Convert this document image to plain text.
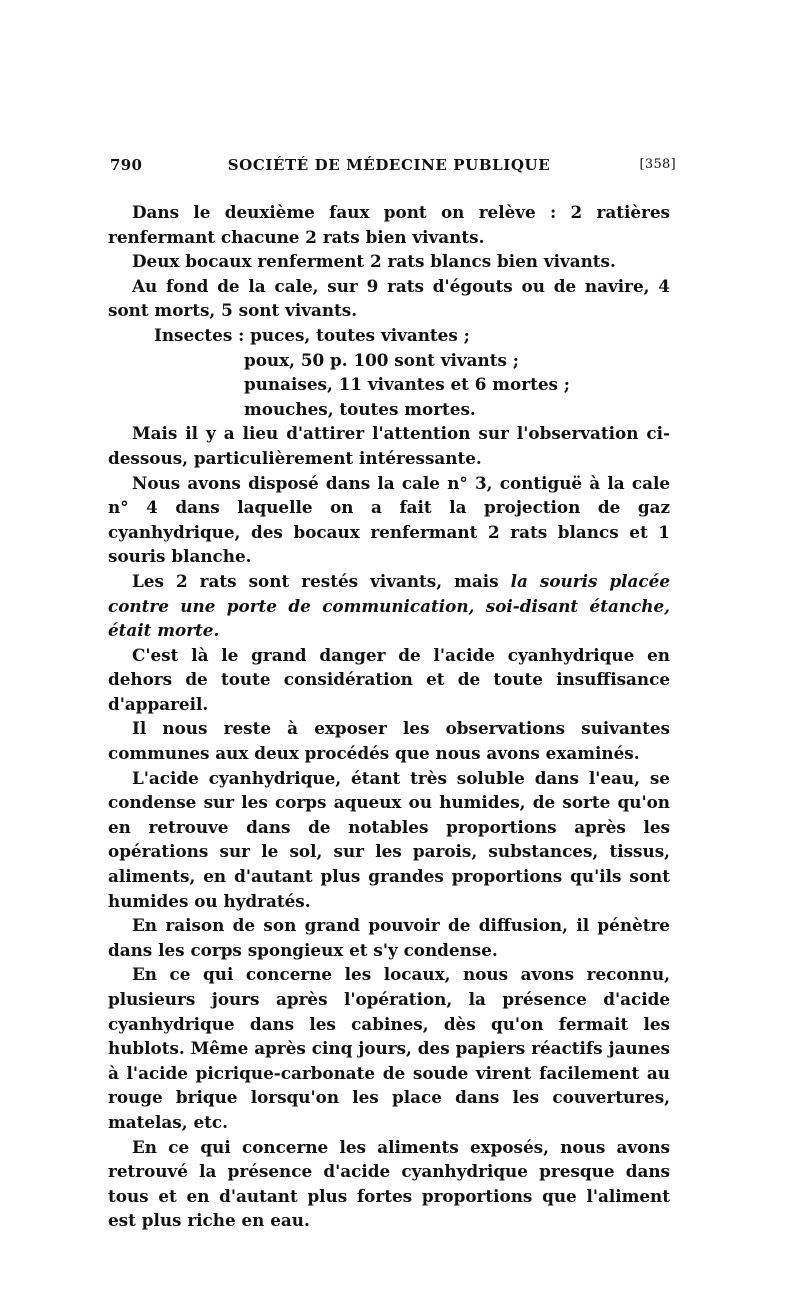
790	SOCIÉTÉ DE MÉDECINE PUBLIQUE	[358]

Dans le deuxième faux pont on relève : 2 ratières renfermant chacune 2 rats bien vivants.

Deux bocaux renferment 2 rats blancs bien vivants.

Au fond de la cale, sur 9 rats d'égouts ou de navire, 4 sont morts, 5 sont vivants.

Insectes : puces, toutes vivantes ;
poux, 50 p. 100 sont vivants ;
punaises, 11 vivantes et 6 mortes ;
mouches, toutes mortes.

Mais il y a lieu d'attirer l'attention sur l'observation ci-dessous, particulièrement intéressante.

Nous avons disposé dans la cale n° 3, contiguë à la cale n° 4 dans laquelle on a fait la projection de gaz cyanhydrique, des bocaux renfermant 2 rats blancs et 1 souris blanche.

Les 2 rats sont restés vivants, mais la souris placée contre une porte de communication, soi-disant étanche, était morte.

C'est là le grand danger de l'acide cyanhydrique en dehors de toute considération et de toute insuffisance d'appareil.

Il nous reste à exposer les observations suivantes communes aux deux procédés que nous avons examinés.

L'acide cyanhydrique, étant très soluble dans l'eau, se condense sur les corps aqueux ou humides, de sorte qu'on en retrouve dans de notables proportions après les opérations sur le sol, sur les parois, substances, tissus, aliments, en d'autant plus grandes proportions qu'ils sont humides ou hydratés.

En raison de son grand pouvoir de diffusion, il pénètre dans les corps spongieux et s'y condense.

En ce qui concerne les locaux, nous avons reconnu, plusieurs jours après l'opération, la présence d'acide cyanhydrique dans les cabines, dès qu'on fermait les hublots. Même après cinq jours, des papiers réactifs jaunes à l'acide picrique-carbonate de soude virent facilement au rouge brique lorsqu'on les place dans les couvertures, matelas, etc.

En ce qui concerne les aliments exposés, nous avons retrouvé la présence d'acide cyanhydrique presque dans tous et en d'autant plus fortes proportions que l'aliment est plus riche en eau.
